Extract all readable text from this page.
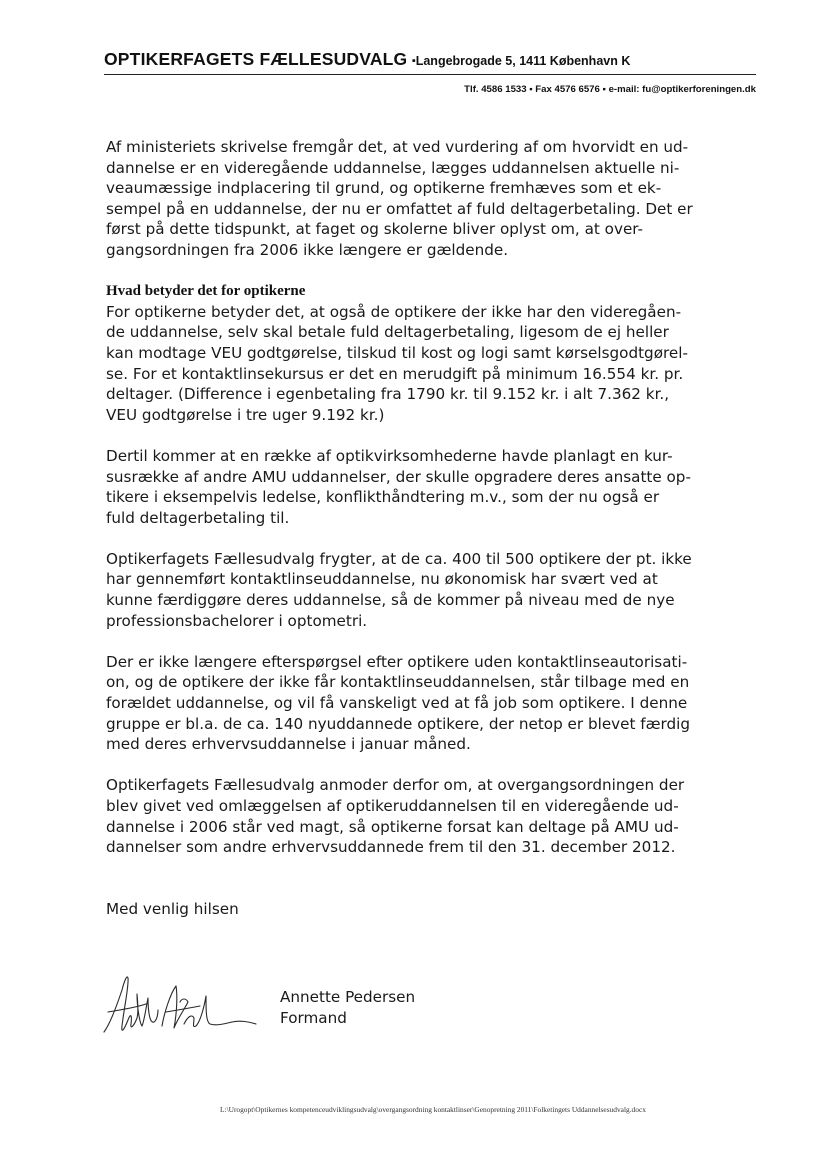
OPTIKERFAGETS FÆLLESUDVALG ▪Langebrogade 5, 1411 København K
Tlf. 4586 1533 ▪ Fax 4576 6576 ▪ e-mail: fu@optikerforeningen.dk

Af ministeriets skrivelse fremgår det, at ved vurdering af om hvorvidt en ud-

dannelse er en videregående uddannelse, lægges uddannelsen aktuelle ni-

veaumæssige indplacering til grund, og optikerne fremhæves som et ek-

sempel på en uddannelse, der nu er omfattet af fuld deltagerbetaling. Det er

først på dette tidspunkt, at faget og skolerne bliver oplyst om, at over-

gangsordningen fra 2006 ikke længere er gældende.

Hvad betyder det for optikerne

For optikerne betyder det, at også de optikere der ikke har den videregåen-

de uddannelse, selv skal betale fuld deltagerbetaling, ligesom de ej heller

kan modtage VEU godtgørelse, tilskud til kost og logi samt kørselsgodtgørel-

se. For et kontaktlinsekursus er det en merudgift på minimum 16.554 kr. pr.

deltager. (Difference i egenbetaling fra 1790 kr. til 9.152 kr. i alt 7.362 kr.,

VEU godtgørelse i tre uger 9.192 kr.)

Dertil kommer at en række af optikvirksomhederne havde planlagt en kur-

susrække af andre AMU uddannelser, der skulle opgradere deres ansatte op-

tikere i eksempelvis ledelse, konflikthåndtering m.v., som der nu også er

fuld deltagerbetaling til.

Optikerfagets Fællesudvalg frygter, at de ca. 400 til 500 optikere der pt. ikke

har gennemført kontaktlinseuddannelse, nu økonomisk har svært ved at

kunne færdiggøre deres uddannelse, så de kommer på niveau med de nye

professionsbachelorer i optometri.

Der er ikke længere efterspørgsel efter optikere uden kontaktlinseautorisati-

on, og de optikere der ikke får kontaktlinseuddannelsen, står tilbage med en

forældet uddannelse, og vil få vanskeligt ved at få job som optikere. I denne

gruppe er bl.a. de ca. 140 nyuddannede optikere, der netop er blevet færdig

med deres erhvervsuddannelse i januar måned.

Optikerfagets Fællesudvalg anmoder derfor om, at overgangsordningen der

blev givet ved omlæggelsen af optikeruddannelsen til en videregående ud-

dannelse i 2006 står ved magt, så optikerne forsat kan deltage på AMU ud-

dannelser som andre erhvervsuddannede frem til den 31. december 2012.

Med venlig hilsen

Annette Pedersen
Formand
L:\Urogopt\Optikernes kompetenceudviklingsudvalg\overgangsordning kontaktlinser\Genopretning 2011\Folketingets Uddannelsesudvalg.docx
